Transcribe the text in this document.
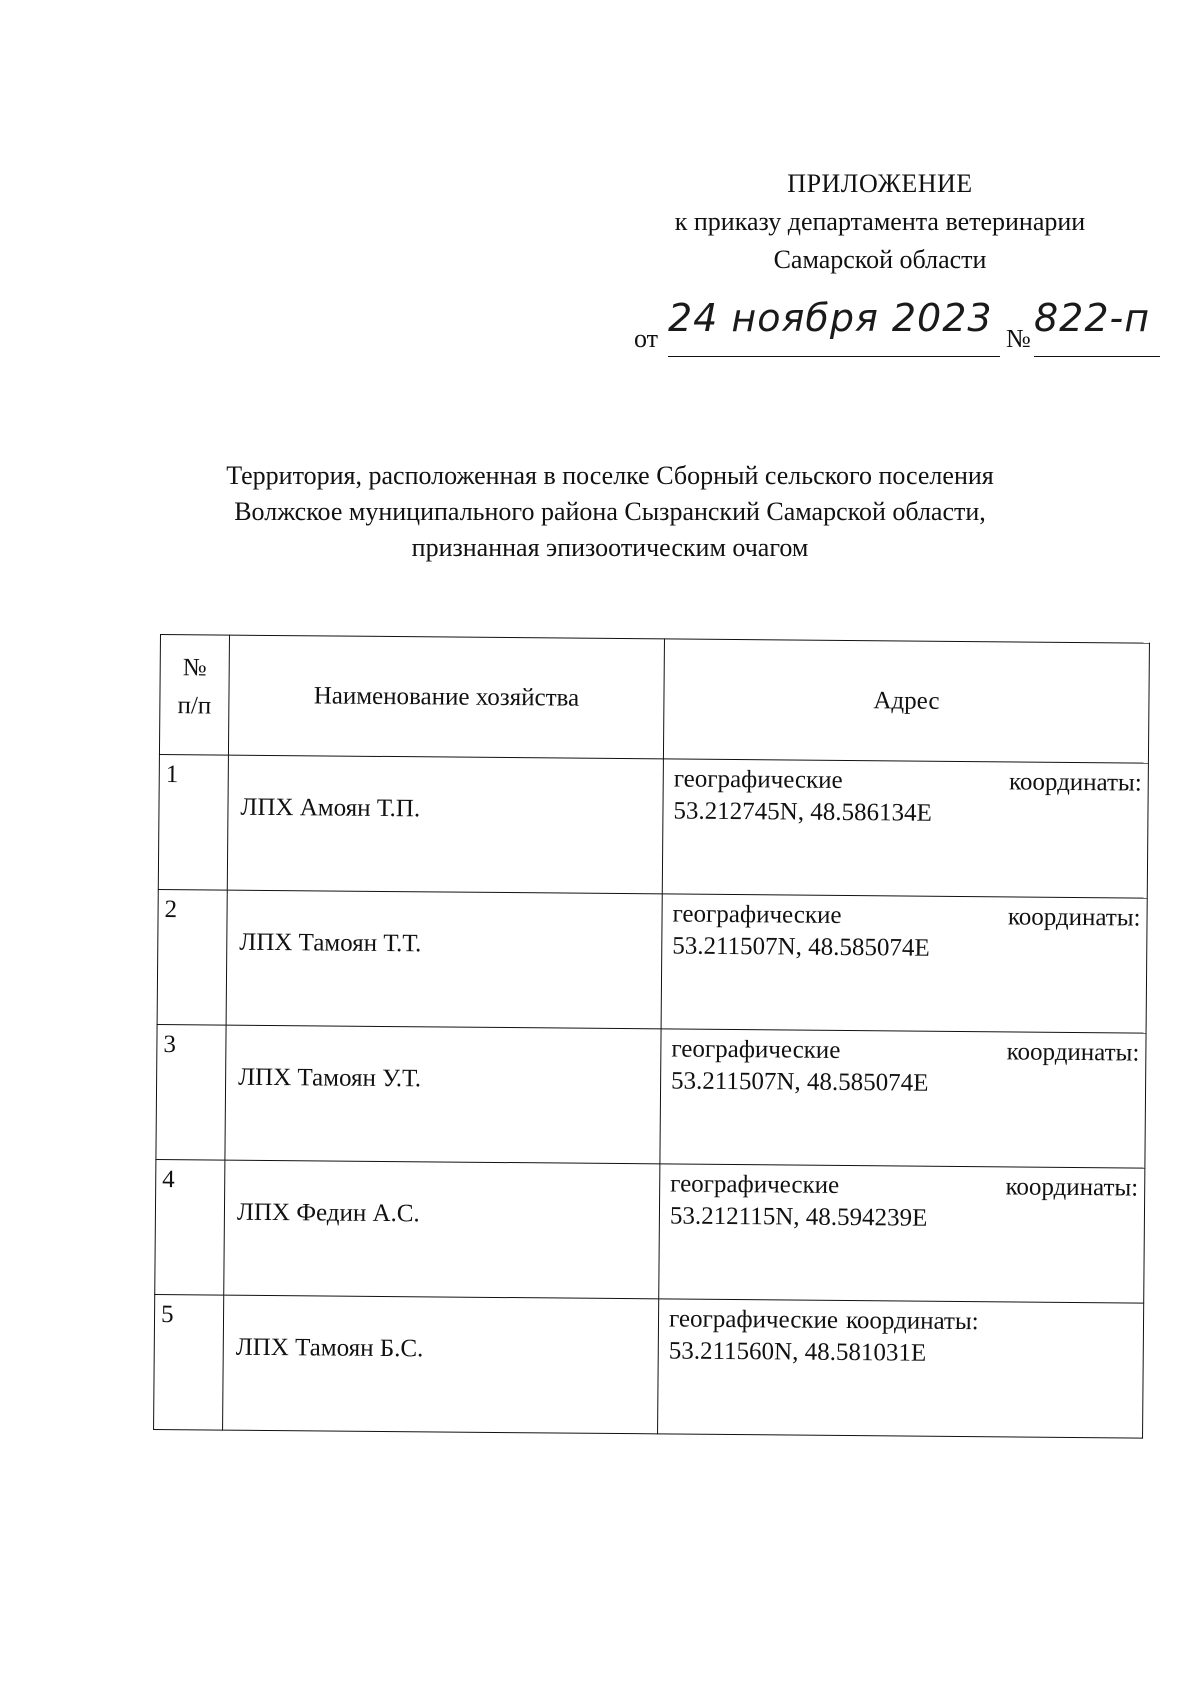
ПРИЛОЖЕНИЕ
к приказу департамента ветеринарии
Самарской области
от 24 ноября 2023 № 822-п
Территория, расположенная в поселке Сборный сельского поселения
Волжское муниципального района Сызранский Самарской области,
признанная эпизоотическим очагом
№
п/п	Наименование хозяйства	Адрес
1	ЛПХ Амоян Т.П.	географические координаты:
53.212745N, 48.586134E

2	ЛПХ Тамоян Т.Т.	географические координаты:
53.211507N, 48.585074E

3	ЛПХ Тамоян У.Т.	географические координаты:
53.211507N, 48.585074E

4	ЛПХ Федин А.С.	географические координаты:
53.212115N, 48.594239E

5	ЛПХ Тамоян Б.С.	географические координаты:
53.211560N, 48.581031E
